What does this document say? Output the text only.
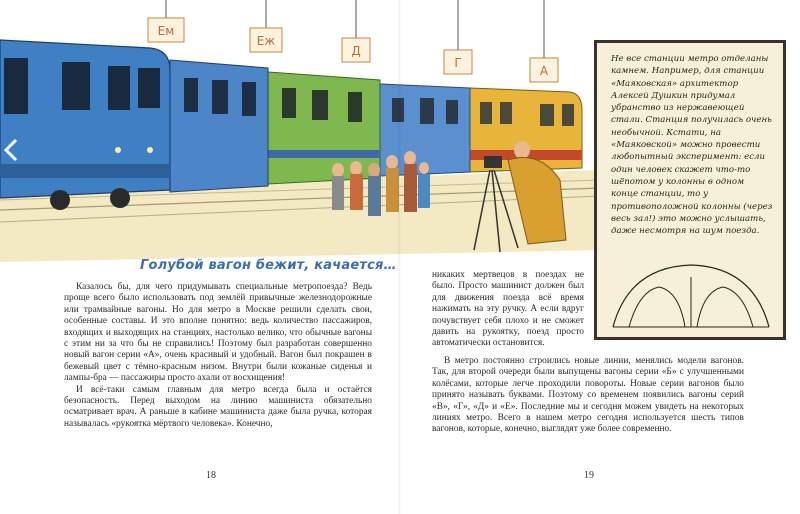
Ем
Еж
Д
Г
А

Не все станции метро отделаны камнем. Например, для станции «Маяковская» архитектор Алексей Душкин придумал убранство из нержавеющей стали. Станция получилась очень необычной. Кстати, на «Маяковской» можно провести любопытный эксперимент: если один человек скажет что-то шёпотом у колонны в одном конце станции, то у противоположной колонны (через весь зал!) это можно услышать, даже несмотря на шум поезда.

Голубой вагон бежит, качается…

Казалось бы, для чего придумывать специальные метропоезда? Ведь проще всего было использовать под землёй привычные железнодорожные или трамвайные вагоны. Но для метро в Москве решили сделать свои, особенные составы. И это вполне понятно: ведь количество пассажиров, входящих и выходящих на станциях, настолько велико, что обычные вагоны с этим ни за что бы не справились! Поэтому был разработан совершенно новый вагон серии «А», очень красивый и удобный. Вагон был покрашен в бежевый цвет с тёмно-красным низом. Внутри были кожаные сиденья и лампы-бра — пассажиры просто ахали от восхищения!

И всё-таки самым главным для метро всегда была и остаётся безопасность. Перед выходом на линию машиниста обязательно осматривает врач. А раньше в кабине машиниста даже была ручка, которая называлась «рукоятка мёртвого человека». Конечно,

никаких мертвецов в поездах не было. Просто машинист должен был для движения поезда всё время нажимать на эту ручку. А если вдруг почувствует себя плохо и не сможет давить на рукоятку, поезд просто автоматически остановится.

В метро постоянно строились новые линии, менялись модели вагонов. Так, для второй очереди были выпущены вагоны серии «Б» с улучшенными колёсами, которые легче проходили повороты. Новые серии вагонов было принято называть буквами. Поэтому со временем появились вагоны серий «В», «Г», «Д» и «Е». Последние мы и сегодня можем увидеть на некоторых линиях метро. Всего в нашем метро сегодня используется шесть типов вагонов, которые, конечно, выглядят уже более современно.

18	19
